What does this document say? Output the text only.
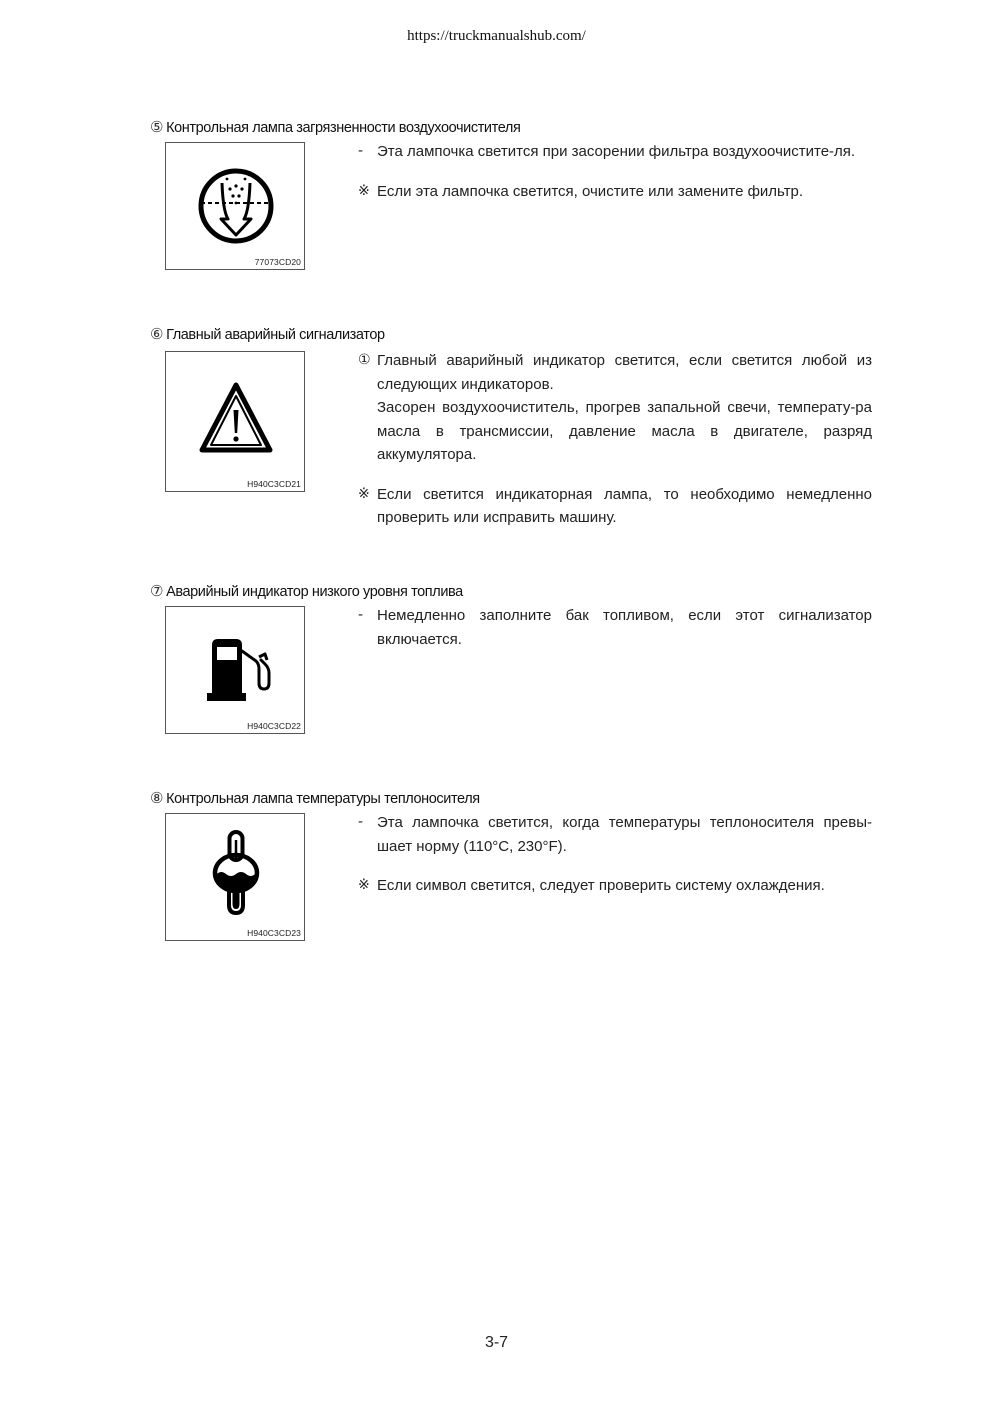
https://truckmanualshub.com/
⑤ Контрольная лампа загрязненности воздухоочистителя
77073CD20
- Эта лампочка светится при засорении фильтра воздухоочистите-ля.
※ Если эта лампочка светится, очистите или замените фильтр.
⑥ Главный аварийный сигнализатор
H940C3CD21
① Главный аварийный индикатор светится, если светится любой из следующих индикаторов.
Засорен воздухоочиститель, прогрев запальной свечи, температу-ра масла в трансмиссии, давление масла в двигателе, разряд аккумулятора.
※ Если светится индикаторная лампа, то необходимо немедленно проверить или исправить машину.
⑦ Аварийный индикатор низкого уровня топлива
H940C3CD22
- Немедленно заполните бак топливом, если этот сигнализатор включается.
⑧ Контрольная лампа температуры теплоносителя
H940C3CD23
- Эта лампочка светится, когда температуры теплоносителя превы-шает норму (110°C, 230°F).
※ Если символ светится, следует проверить систему охлаждения.
3-7
